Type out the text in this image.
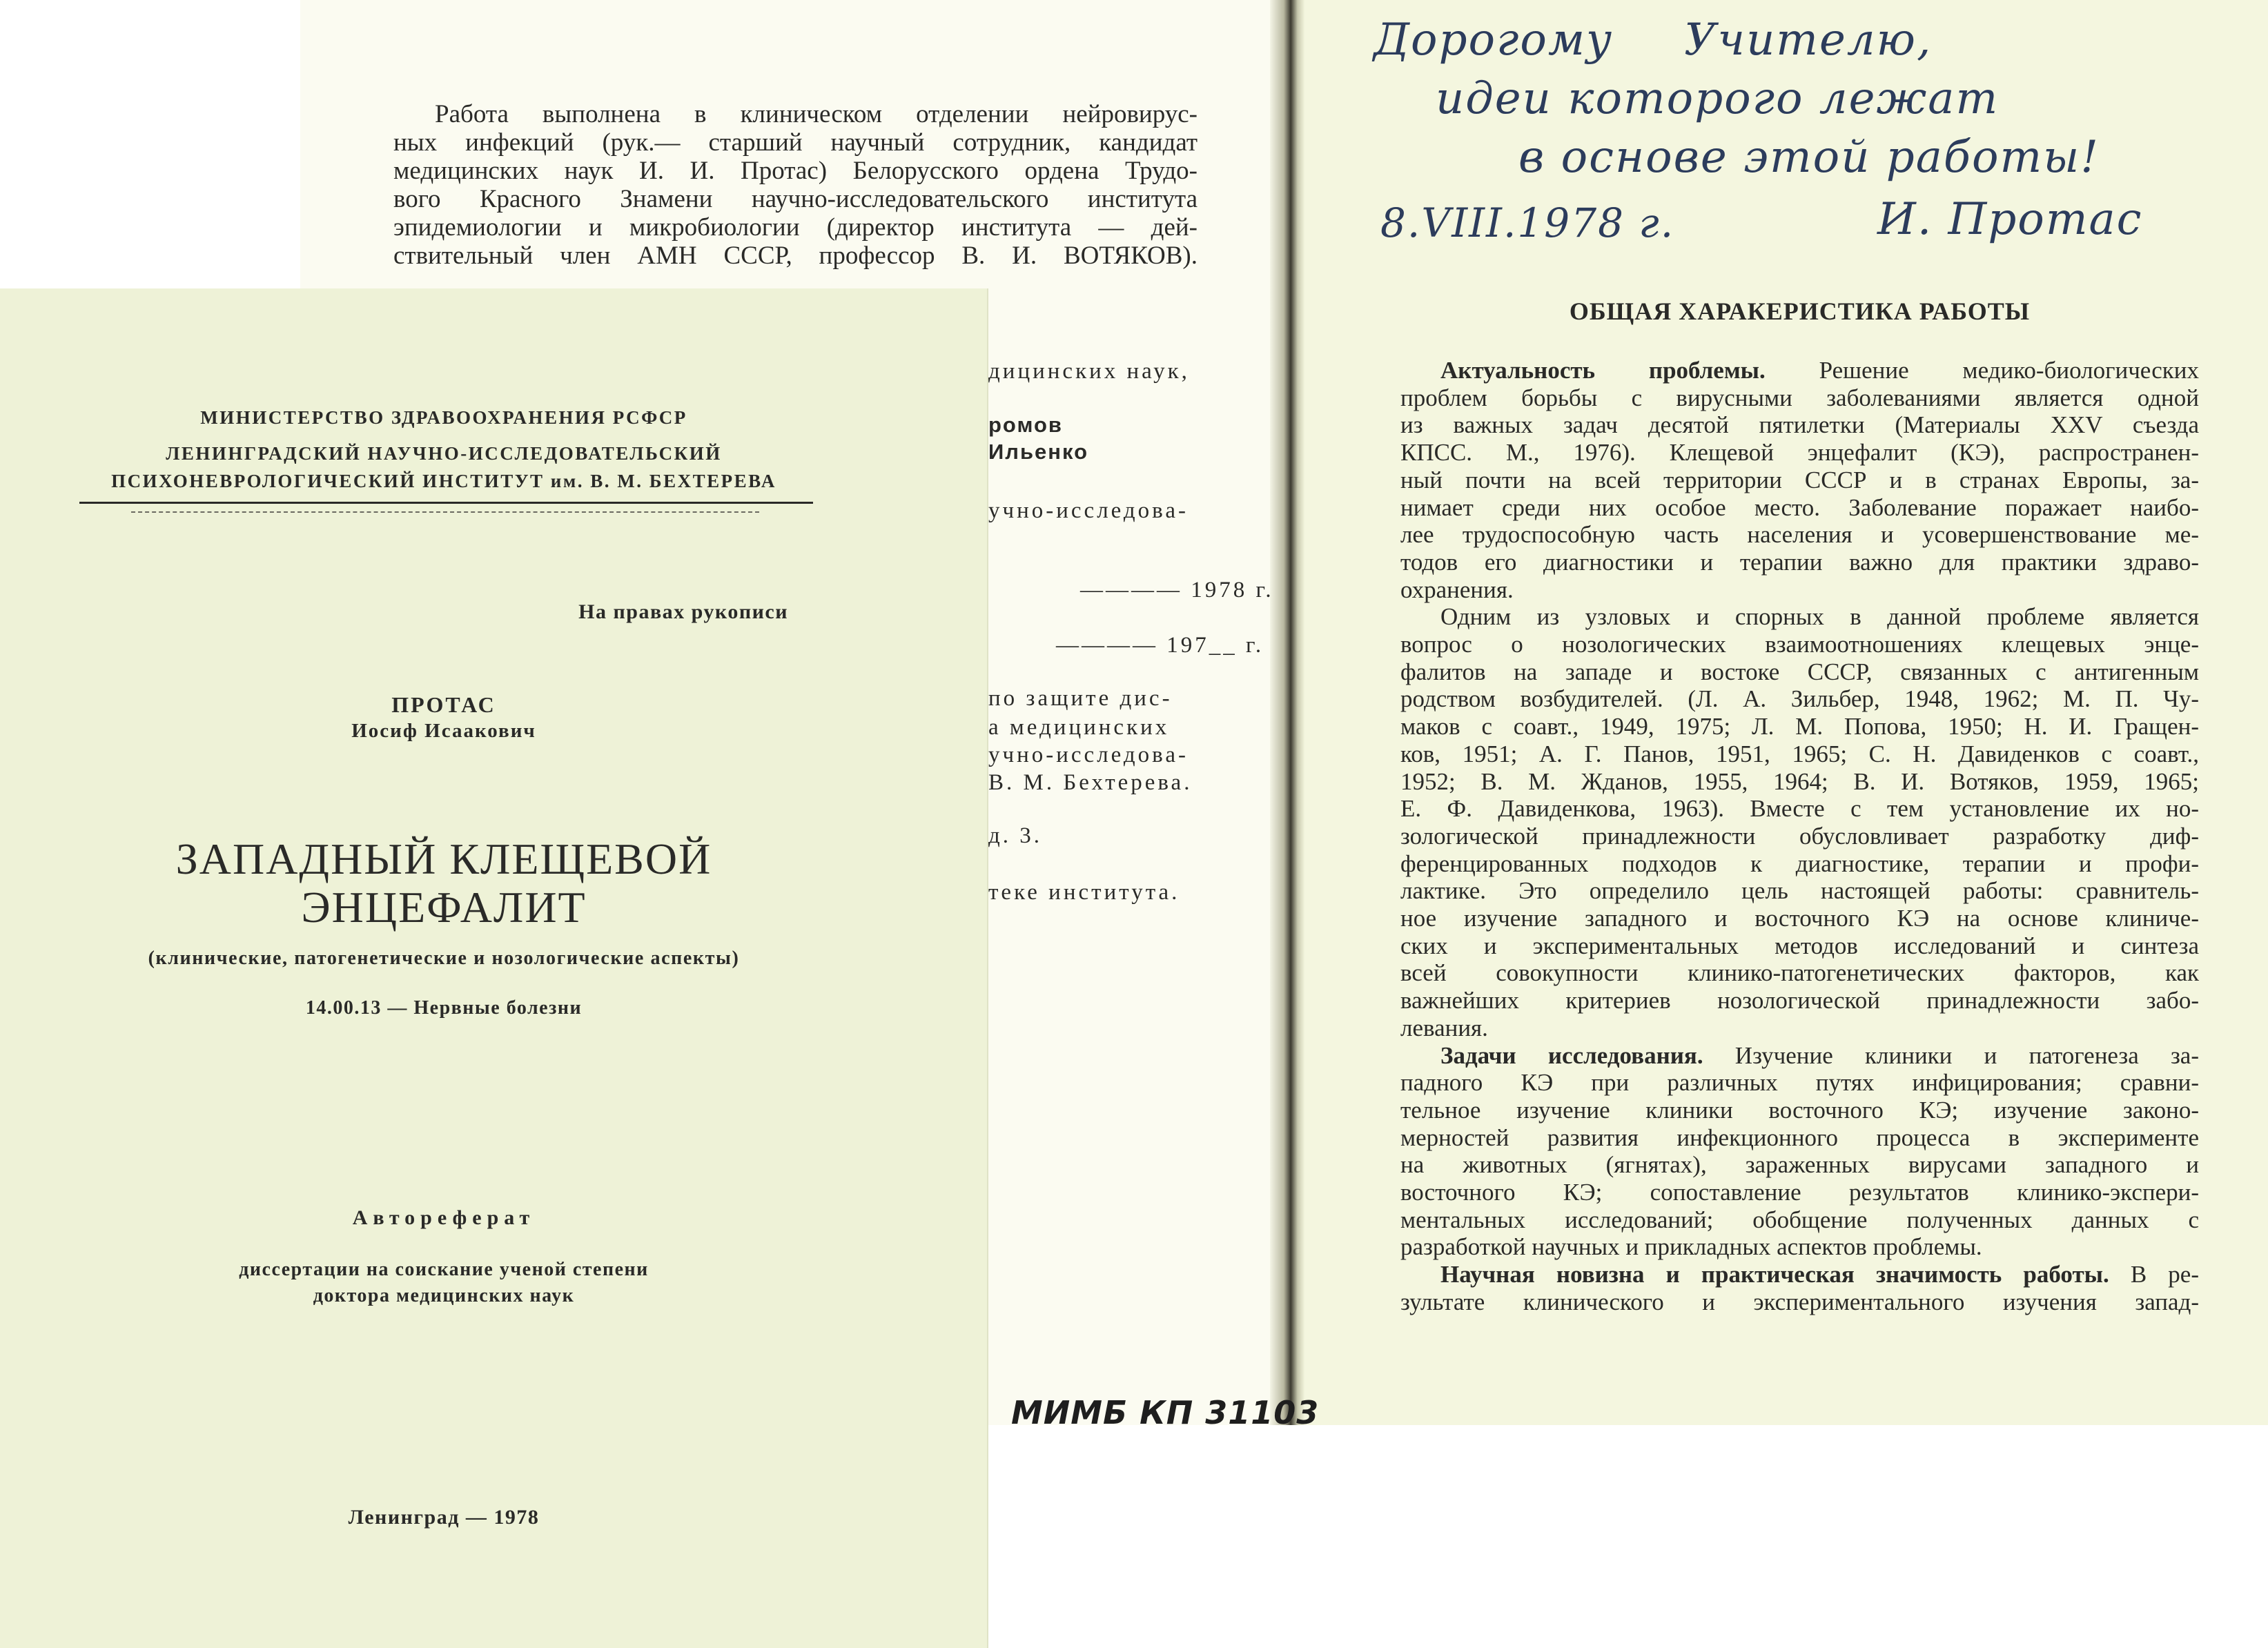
Работа выполнена в клиническом отделении нейровирус-
ных инфекций (рук.— старший научный сотрудник, кандидат
медицинских наук И. И. Протас) Белорусского ордена Трудо-
вого Красного Знамени научно-исследовательского института
эпидемиологии и микробиологии (директор института — дей-
ствительный член АМН СССР, профессор В. И. ВОТЯКОВ).
дицинских наук,
ромов
Ильенко
учно-исследова-
———— 1978 г.
———— 197__ г.
по защите дис-
а медицинских
учно-исследова-
В. М. Бехтерева.
д. 3.
теке института.
МИМБ КП 31103
МИНИСТЕРСТВО ЗДРАВООХРАНЕНИЯ РСФСР
ЛЕНИНГРАДСКИЙ НАУЧНО-ИССЛЕДОВАТЕЛЬСКИЙ
ПСИХОНЕВРОЛОГИЧЕСКИЙ ИНСТИТУТ им. В. М. БЕХТЕРЕВА
На правах рукописи
ПРОТАС
Иосиф Исаакович
ЗАПАДНЫЙ КЛЕЩЕВОЙ
ЭНЦЕФАЛИТ
(клинические, патогенетические и нозологические аспекты)
14.00.13 — Нервные болезни
Автореферат
диссертации на соискание ученой степени
доктора медицинских наук
Ленинград — 1978
ОБЩАЯ ХАРАКЕРИСТИКА РАБОТЫ
Актуальность проблемы. Решение медико-биологических
проблем борьбы с вирусными заболеваниями является одной
из важных задач десятой пятилетки (Материалы XXV съезда
КПСС. М., 1976). Клещевой энцефалит (КЭ), распространен-
ный почти на всей территории СССР и в странах Европы, за-
нимает среди них особое место. Заболевание поражает наибо-
лее трудоспособную часть населения и усовершенствование ме-
тодов его диагностики и терапии важно для практики здраво-
охранения.
Одним из узловых и спорных в данной проблеме является
вопрос о нозологических взаимоотношениях клещевых энце-
фалитов на западе и востоке СССР, связанных с антигенным
родством возбудителей. (Л. А. Зильбер, 1948, 1962; М. П. Чу-
маков с соавт., 1949, 1975; Л. М. Попова, 1950; Н. И. Гращен-
ков, 1951; А. Г. Панов, 1951, 1965; С. Н. Давиденков с соавт.,
1952; В. М. Жданов, 1955, 1964; В. И. Вотяков, 1959, 1965;
Е. Ф. Давиденкова, 1963). Вместе с тем установление их но-
зологической принадлежности обусловливает разработку диф-
ференцированных подходов к диагностике, терапии и профи-
лактике. Это определило цель настоящей работы: сравнитель-
ное изучение западного и восточного КЭ на основе клиниче-
ских и экспериментальных методов исследований и синтеза
всей совокупности клинико-патогенетических факторов, как
важнейших критериев нозологической принадлежности забо-
левания.
Задачи исследования. Изучение клиники и патогенеза за-
падного КЭ при различных путях инфицирования; сравни-
тельное изучение клиники восточного КЭ; изучение законо-
мерностей развития инфекционного процесса в эксперименте
на животных (ягнятах), зараженных вирусами западного и
восточного КЭ; сопоставление результатов клинико-экспери-
ментальных исследований; обобщение полученных данных с
разработкой научных и прикладных аспектов проблемы.
Научная новизна и практическая значимость работы. В ре-
зультате клинического и экспериментального изучения запад-
Дорогому Учителю,
идеи которого лежат
в основе этой работы!
8.VIII.1978 г.	И. Протас
